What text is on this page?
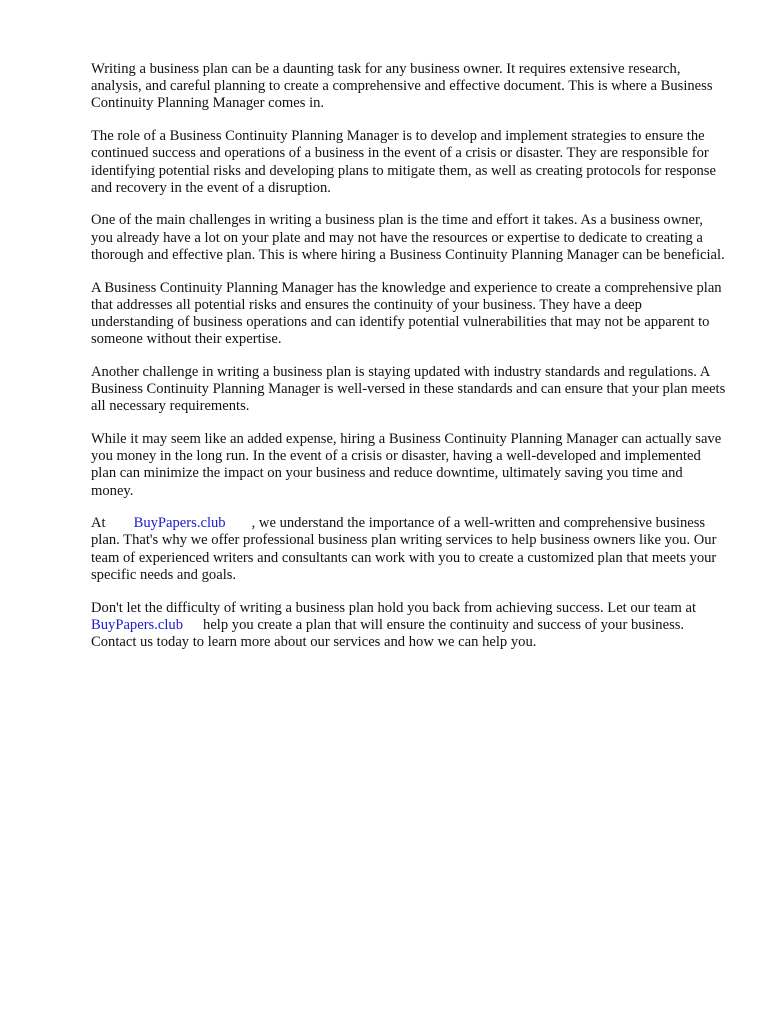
Writing a business plan can be a daunting task for any business owner. It requires extensive research, analysis, and careful planning to create a comprehensive and effective document. This is where a Business Continuity Planning Manager comes in.

The role of a Business Continuity Planning Manager is to develop and implement strategies to ensure the continued success and operations of a business in the event of a crisis or disaster. They are responsible for identifying potential risks and developing plans to mitigate them, as well as creating protocols for response and recovery in the event of a disruption.

One of the main challenges in writing a business plan is the time and effort it takes. As a business owner, you already have a lot on your plate and may not have the resources or expertise to dedicate to creating a thorough and effective plan. This is where hiring a Business Continuity Planning Manager can be beneficial.

A Business Continuity Planning Manager has the knowledge and experience to create a comprehensive plan that addresses all potential risks and ensures the continuity of your business. They have a deep understanding of business operations and can identify potential vulnerabilities that may not be apparent to someone without their expertise.

Another challenge in writing a business plan is staying updated with industry standards and regulations. A Business Continuity Planning Manager is well-versed in these standards and can ensure that your plan meets all necessary requirements.

While it may seem like an added expense, hiring a Business Continuity Planning Manager can actually save you money in the long run. In the event of a crisis or disaster, having a well-developed and implemented plan can minimize the impact on your business and reduce downtime, ultimately saving you time and money.

At BuyPapers.club , we understand the importance of a well-written and comprehensive business plan. That's why we offer professional business plan writing services to help business owners like you. Our team of experienced writers and consultants can work with you to create a customized plan that meets your specific needs and goals.

Don't let the difficulty of writing a business plan hold you back from achieving success. Let our team atBuyPapers.club help you create a plan that will ensure the continuity and success of your business. Contact us today to learn more about our services and how we can help you.
